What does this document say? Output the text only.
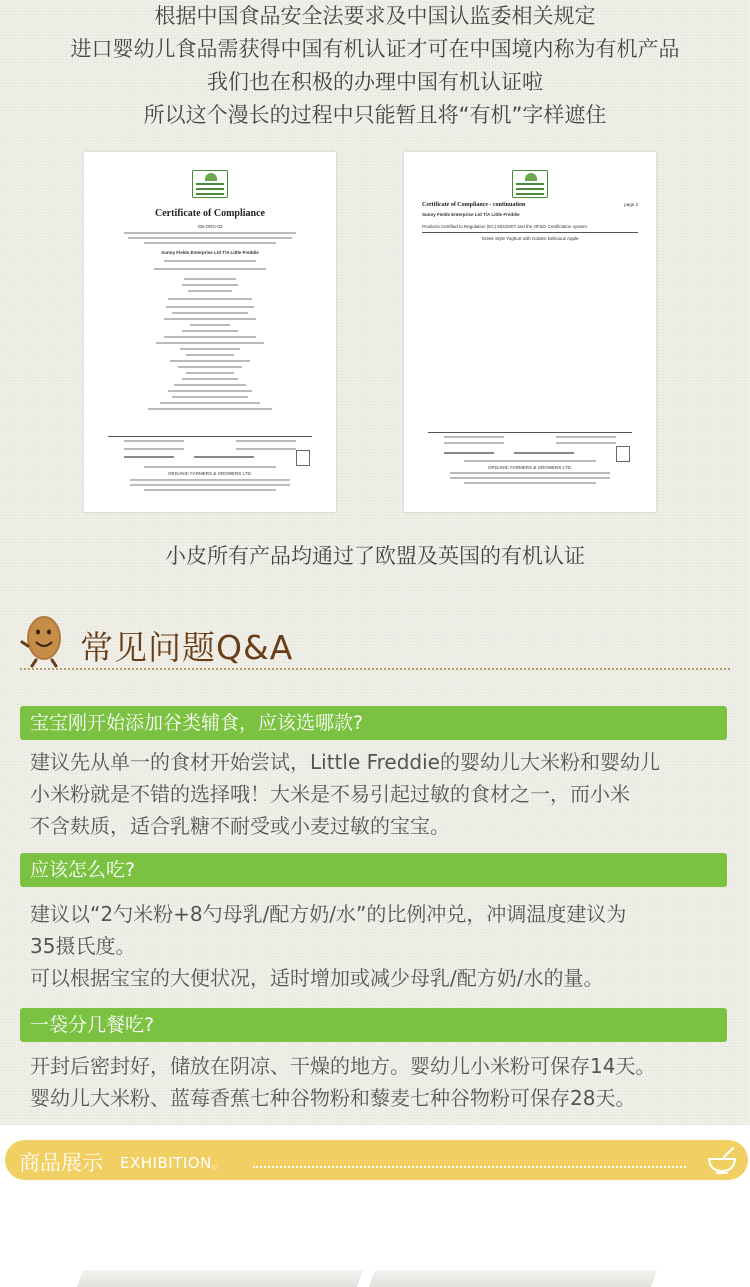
根据中国食品安全法要求及中国认监委相关规定
进口婴幼儿食品需获得中国有机认证才可在中国境内称为有机产品
我们也在积极的办理中国有机认证啦
所以这个漫长的过程中只能暂且将“有机”字样遮住
Certificate of Compliance
GB-ORG-02
Sunny Fields Enterprise Ltd T/A Little Freddie
ORGANIC FARMERS & GROWERS LTD.
Certificate of Compliance - continuation	page 2
Sunny Fields Enterprise Ltd T/A Little Freddie
Products Certified to Regulation (EC) 834/2007 and the OF&G Certification system
Greek Style Yoghurt with Golden Delicious Apple
ORGANIC FARMERS & GROWERS LTD.
小皮所有产品均通过了欧盟及英国的有机认证
常见问题Q&A
宝宝刚开始添加谷类辅食，应该选哪款?
建议先从单一的食材开始尝试，Little Freddie的婴幼儿大米粉和婴幼儿
小米粉就是不错的选择哦！大米是不易引起过敏的食材之一，而小米
不含麸质，适合乳糖不耐受或小麦过敏的宝宝。
应该怎么吃?
建议以“2勺米粉+8勺母乳/配方奶/水”的比例冲兑，冲调温度建议为
35摄氏度。
可以根据宝宝的大便状况，适时增加或减少母乳/配方奶/水的量。
一袋分几餐吃?
开封后密封好，储放在阴凉、干燥的地方。婴幼儿小米粉可保存14天。
婴幼儿大米粉、蓝莓香蕉七种谷物粉和藜麦七种谷物粉可保存28天。
商品展示 EXHIBITION。
